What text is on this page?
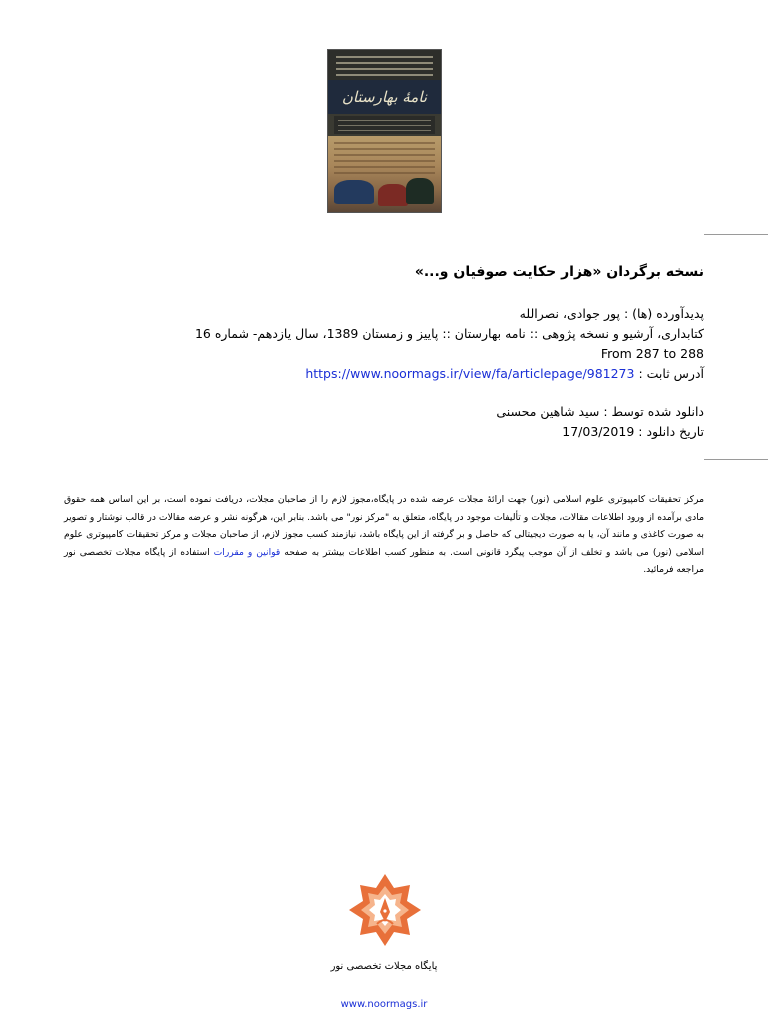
نامهٔ بهارستان
نسخه برگردان «هزار حکایت صوفیان و...»
پدیدآورده (ها) : پور جوادی، نصرالله
کتابداری، آرشیو و نسخه پژوهی :: نامه بهارستان :: پاییز و زمستان 1389، سال یازدهم- شماره 16
From 287 to 288
آدرس ثابت : https://www.noormags.ir/view/fa/articlepage/981273
دانلود شده توسط : سید شاهین محسنی
تاریخ دانلود : 17/03/2019
مرکز تحقیقات کامپیوتری علوم اسلامی (نور) جهت ارائهٔ مجلات عرضه شده در پایگاه،مجوز لازم را از صاحبان مجلات، دریافت نموده است، بر این اساس همه حقوق مادی برآمده از ورود اطلاعات مقالات، مجلات و تألیفات موجود در پایگاه، متعلق به "مرکز نور" می باشد. بنابر این، هرگونه نشر و عرضه مقالات در قالب نوشتار و تصویر به صورت کاغذی و مانند آن، یا به صورت دیجیتالی که حاصل و بر گرفته از این پایگاه باشد، نیازمند کسب مجوز لازم، از صاحبان مجلات و مرکز تحقیقات کامپیوتری علوم اسلامی (نور) می باشد و تخلف از آن موجب پیگرد قانونی است. به منظور کسب اطلاعات بیشتر به صفحه قوانین و مقررات استفاده از پایگاه مجلات تخصصی نور مراجعه فرمائید.
پایگاه مجلات تخصصی نور
www.noormags.ir
